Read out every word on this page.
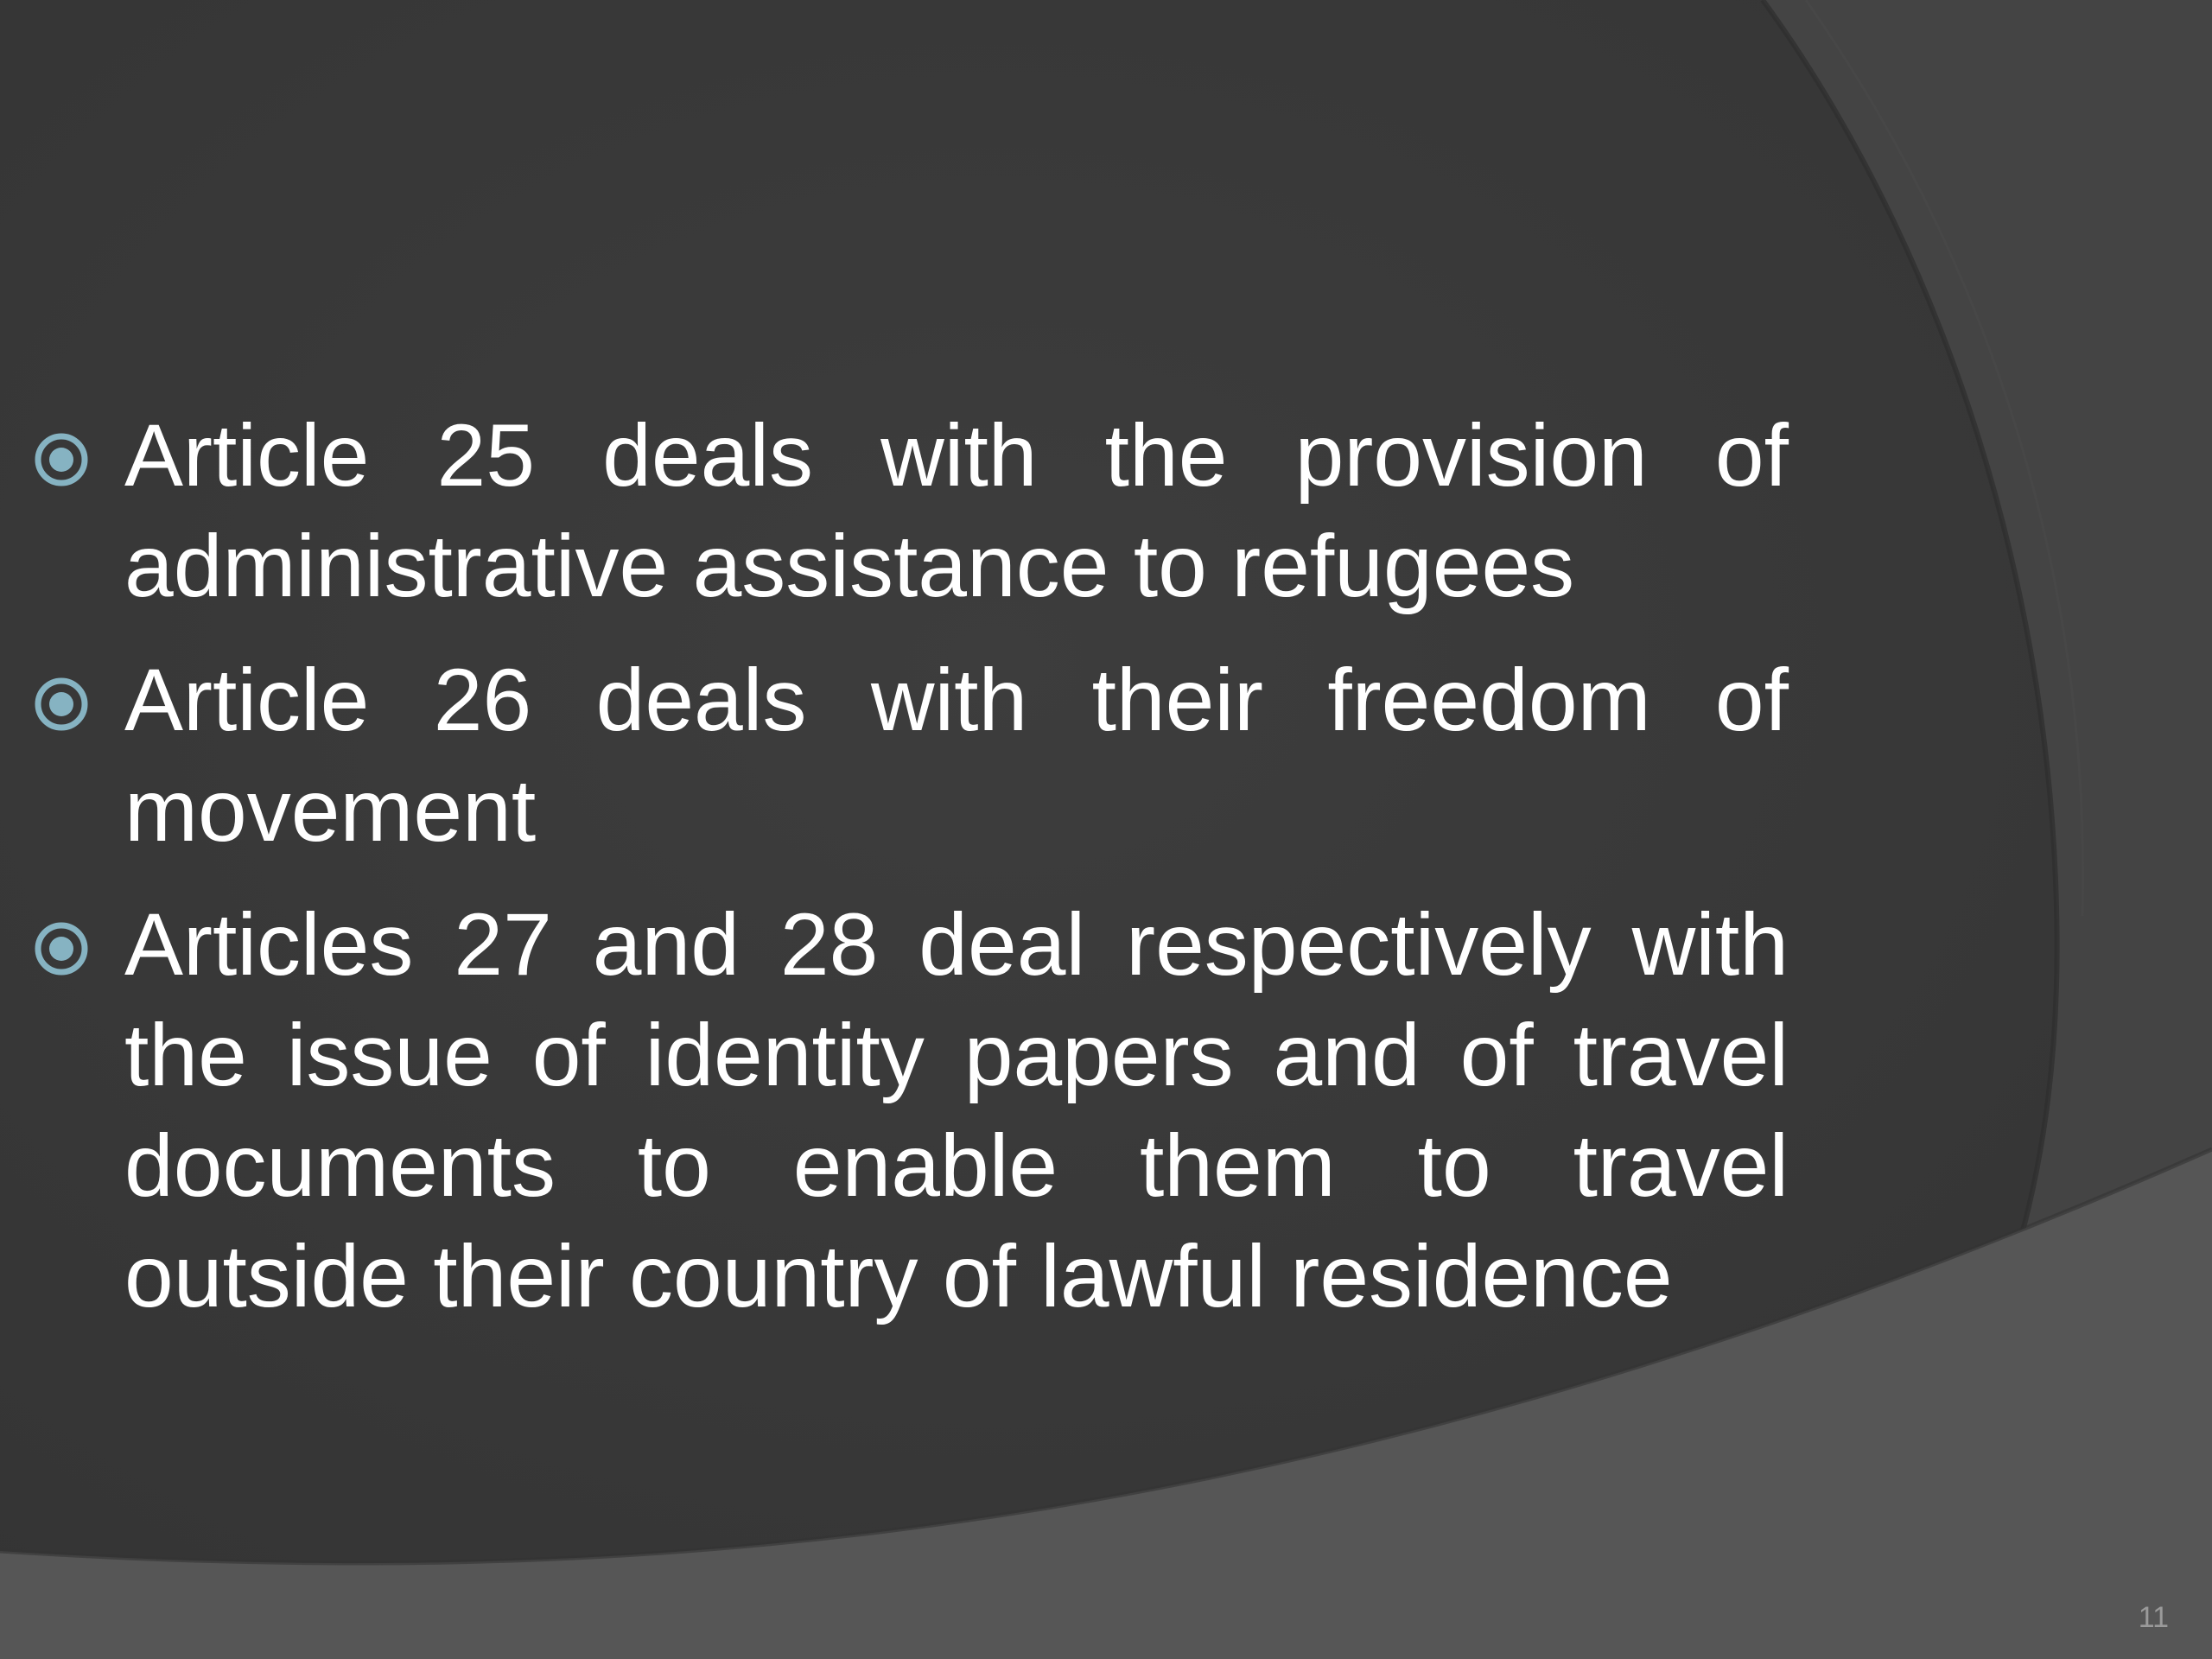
Article 25 deals with the provision of administrative assistance to refugees
Article 26 deals with their freedom of movement
Articles 27 and 28 deal respectively with the issue of identity papers and of travel documents to enable them to travel outside their country of lawful residence
11
